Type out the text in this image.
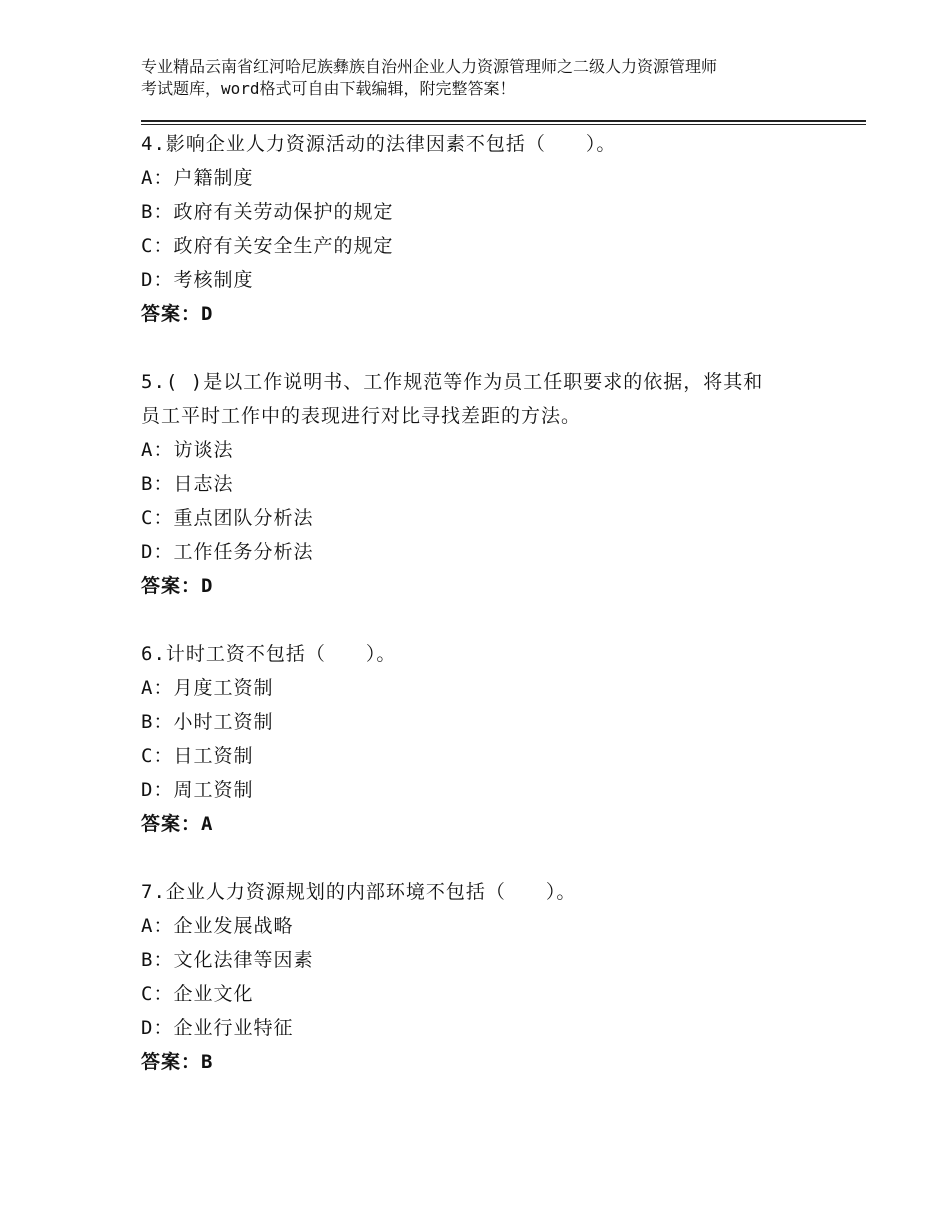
专业精品云南省红河哈尼族彝族自治州企业人力资源管理师之二级人力资源管理师
考试题库，word格式可自由下载编辑，附完整答案！
4.影响企业人力资源活动的法律因素不包括（　　）。
A：户籍制度
B：政府有关劳动保护的规定
C：政府有关安全生产的规定
D：考核制度
答案：D
5.( )是以工作说明书、工作规范等作为员工任职要求的依据，将其和
员工平时工作中的表现进行对比寻找差距的方法。
A：访谈法
B：日志法
C：重点团队分析法
D：工作任务分析法
答案：D
6.计时工资不包括（　　）。
A：月度工资制
B：小时工资制
C：日工资制
D：周工资制
答案：A
7.企业人力资源规划的内部环境不包括（　　）。
A：企业发展战略
B：文化法律等因素
C：企业文化
D：企业行业特征
答案：B
